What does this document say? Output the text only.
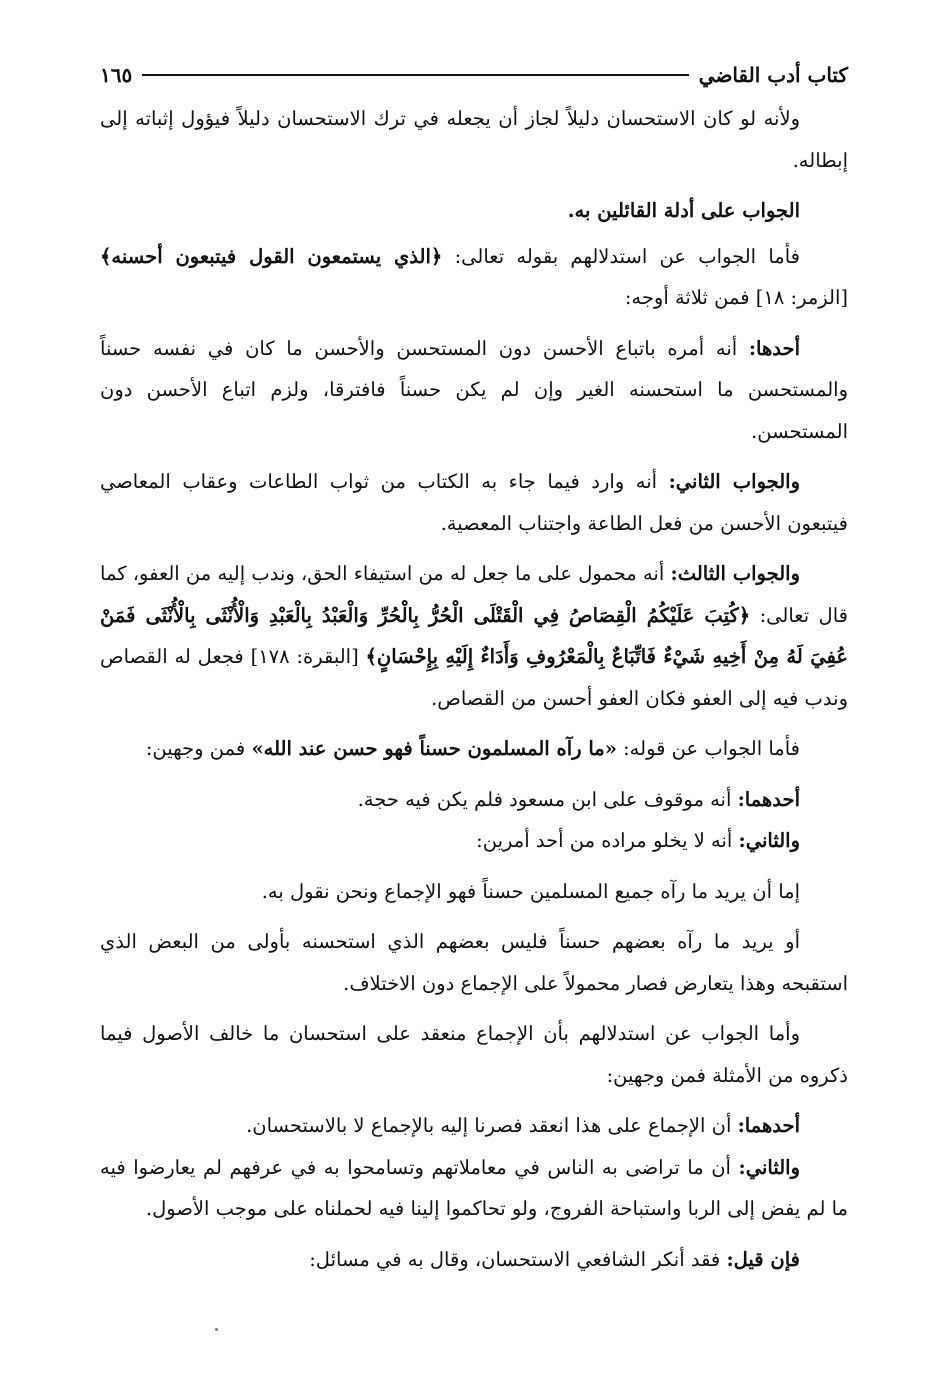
كتاب أدب القاضي
١٦٥

ولأنه لو كان الاستحسان دليلاً لجاز أن يجعله في ترك الاستحسان دليلاً فيؤول إثباته إلى إبطاله.

الجواب على أدلة القائلين به.

فأما الجواب عن استدلالهم بقوله تعالى: ﴿الذي يستمعون القول فيتبعون أحسنه﴾ [الزمر: ١٨] فمن ثلاثة أوجه:

أحدها: أنه أمره باتباع الأحسن دون المستحسن والأحسن ما كان في نفسه حسناً والمستحسن ما استحسنه الغير وإن لم يكن حسناً فافترقا، ولزم اتباع الأحسن دون المستحسن.

والجواب الثاني: أنه وارد فيما جاء به الكتاب من ثواب الطاعات وعقاب المعاصي فيتبعون الأحسن من فعل الطاعة واجتناب المعصية.

والجواب الثالث: أنه محمول على ما جعل له من استيفاء الحق، وندب إليه من العفو، كما قال تعالى: ﴿كُتِبَ عَلَيْكُمُ الْقِصَاصُ فِي الْقَتْلَى الْحُرُّ بِالْحُرِّ وَالْعَبْدُ بِالْعَبْدِ وَالْأُنْثَى بِالْأُنْثَى فَمَنْ عُفِيَ لَهُ مِنْ أَخِيهِ شَيْءٌ فَاتِّبَاعٌ بِالْمَعْرُوفِ وَأَدَاءٌ إِلَيْهِ بِإِحْسَانٍ﴾ [البقرة: ١٧٨] فجعل له القصاص وندب فيه إلى العفو فكان العفو أحسن من القصاص.

فأما الجواب عن قوله: «ما رآه المسلمون حسناً فهو حسن عند الله» فمن وجهين:

أحدهما: أنه موقوف على ابن مسعود فلم يكن فيه حجة.

والثاني: أنه لا يخلو مراده من أحد أمرين:

إما أن يريد ما رآه جميع المسلمين حسناً فهو الإجماع ونحن نقول به.

أو يريد ما رآه بعضهم حسناً فليس بعضهم الذي استحسنه بأولى من البعض الذي استقبحه وهذا يتعارض فصار محمولاً على الإجماع دون الاختلاف.

وأما الجواب عن استدلالهم بأن الإجماع منعقد على استحسان ما خالف الأصول فيما ذكروه من الأمثلة فمن وجهين:

أحدهما: أن الإجماع على هذا انعقد فصرنا إليه بالإجماع لا بالاستحسان.

والثاني: أن ما تراضى به الناس في معاملاتهم وتسامحوا به في عرفهم لم يعارضوا فيه ما لم يفض إلى الربا واستباحة الفروج، ولو تحاكموا إلينا فيه لحملناه على موجب الأصول.

فإن قيل: فقد أنكر الشافعي الاستحسان، وقال به في مسائل:
